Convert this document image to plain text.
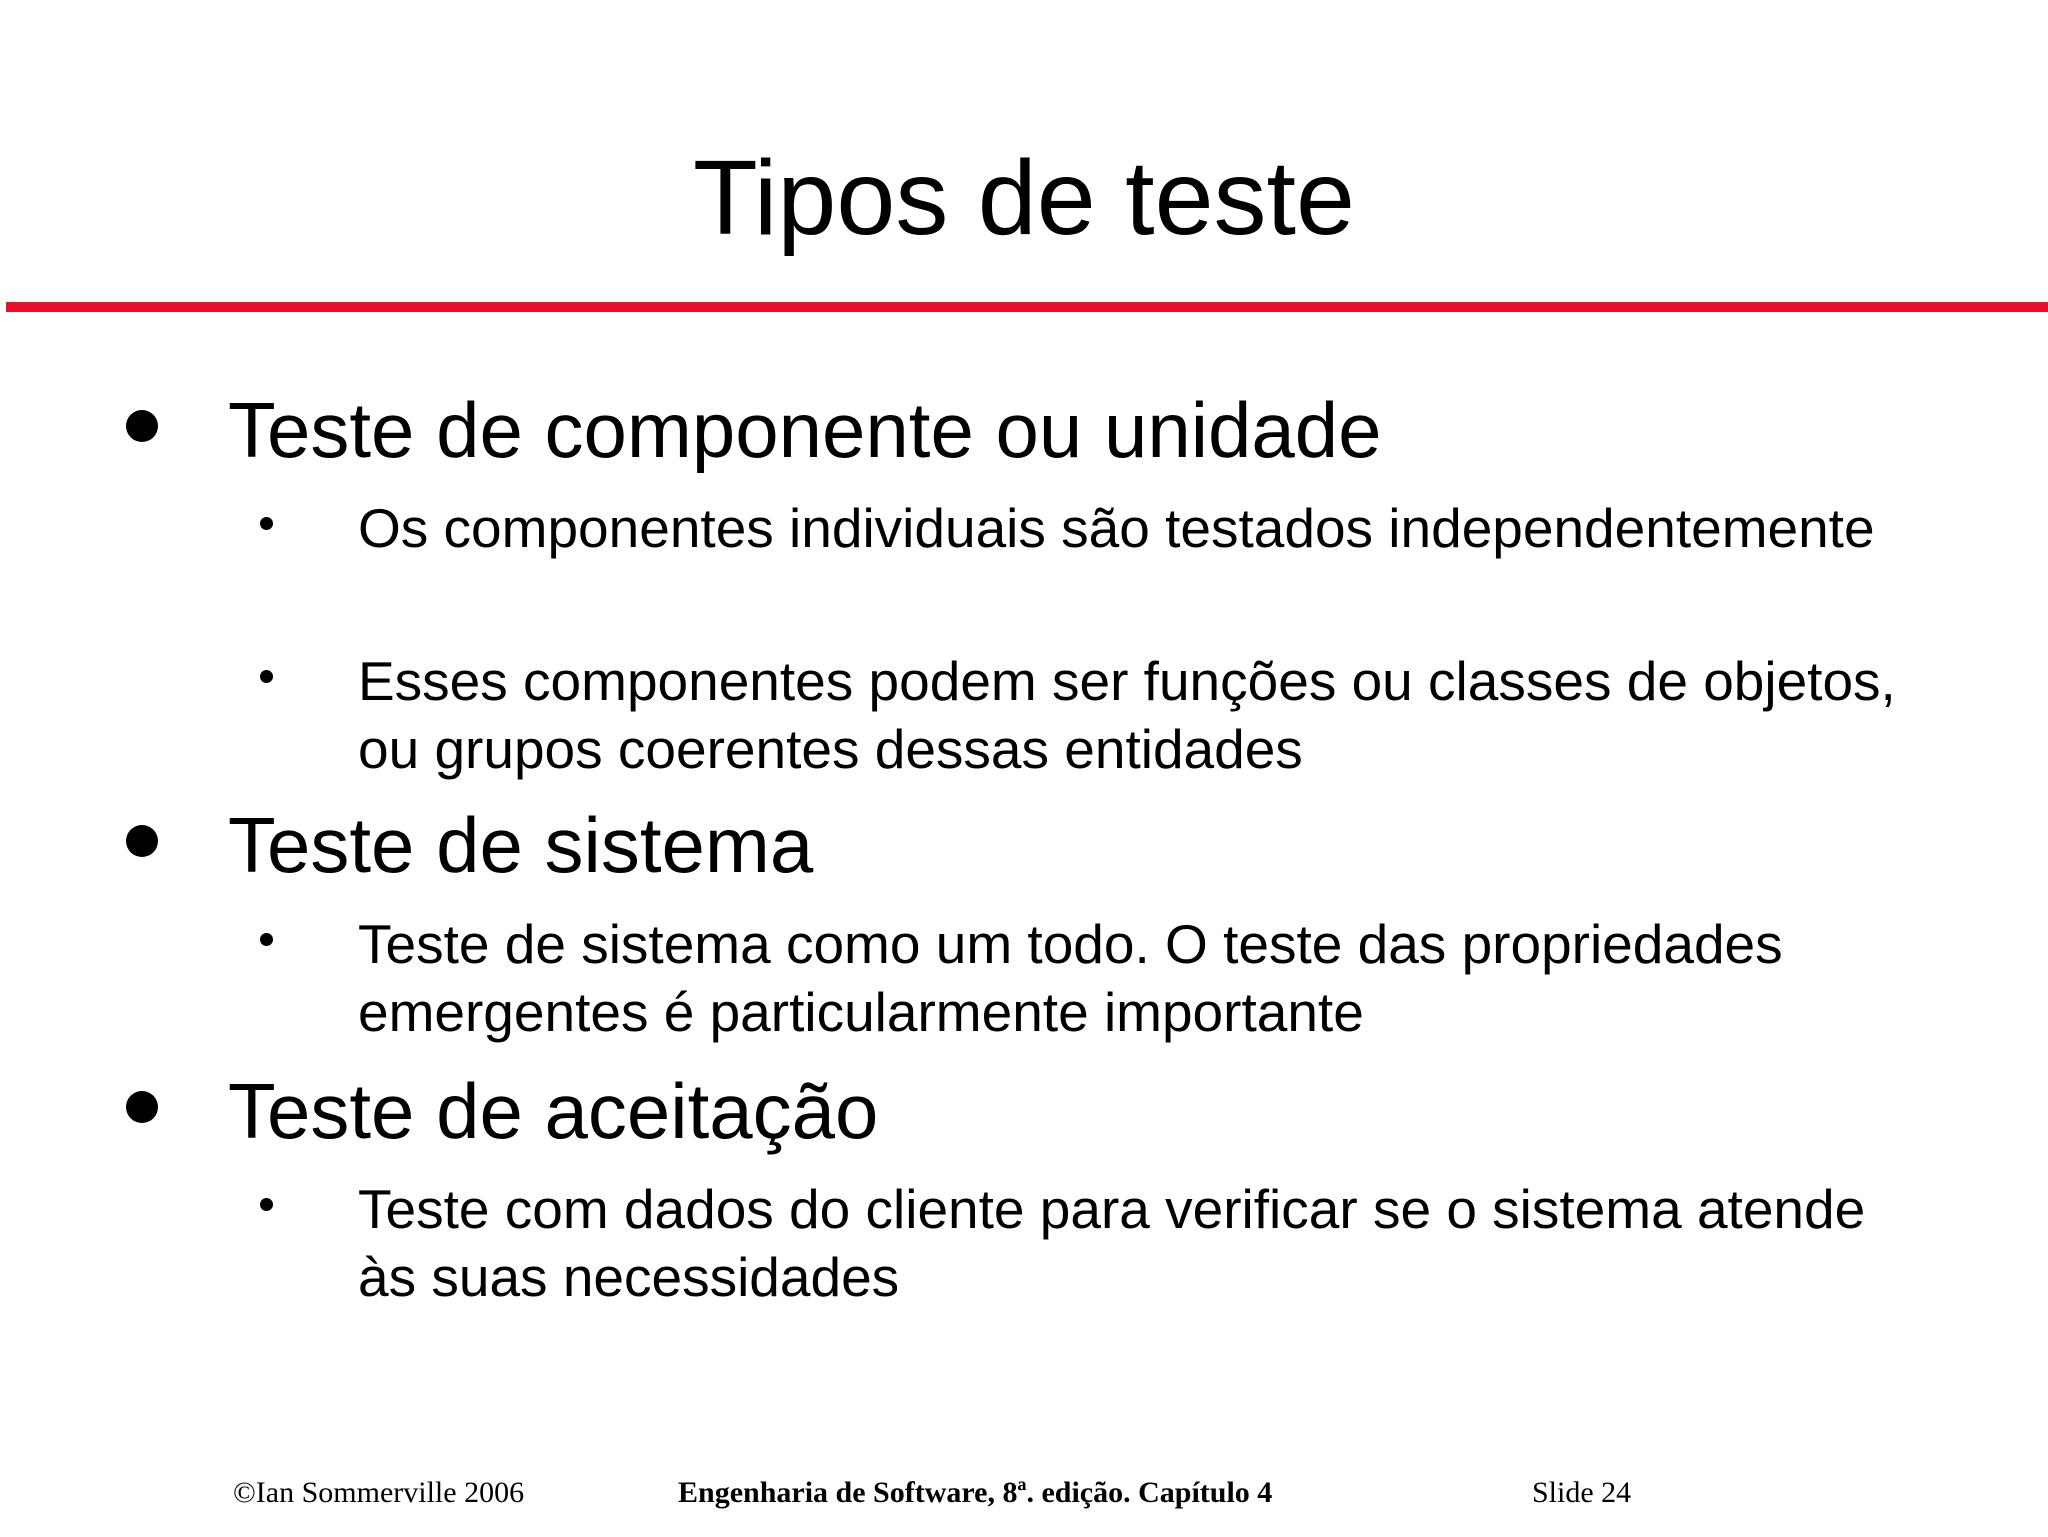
Tipos de teste
Teste de componente ou unidade
Os componentes individuais são testados independentemente
Esses componentes podem ser funções ou classes de objetos, ou grupos coerentes dessas entidades
Teste de sistema
Teste de sistema como um todo. O teste das propriedades emergentes é particularmente importante
Teste de aceitação
Teste com dados do cliente para verificar se o sistema atende às suas necessidades
©Ian Sommerville 2006	Engenharia de Software, 8ª. edição. Capítulo 4	Slide 24
